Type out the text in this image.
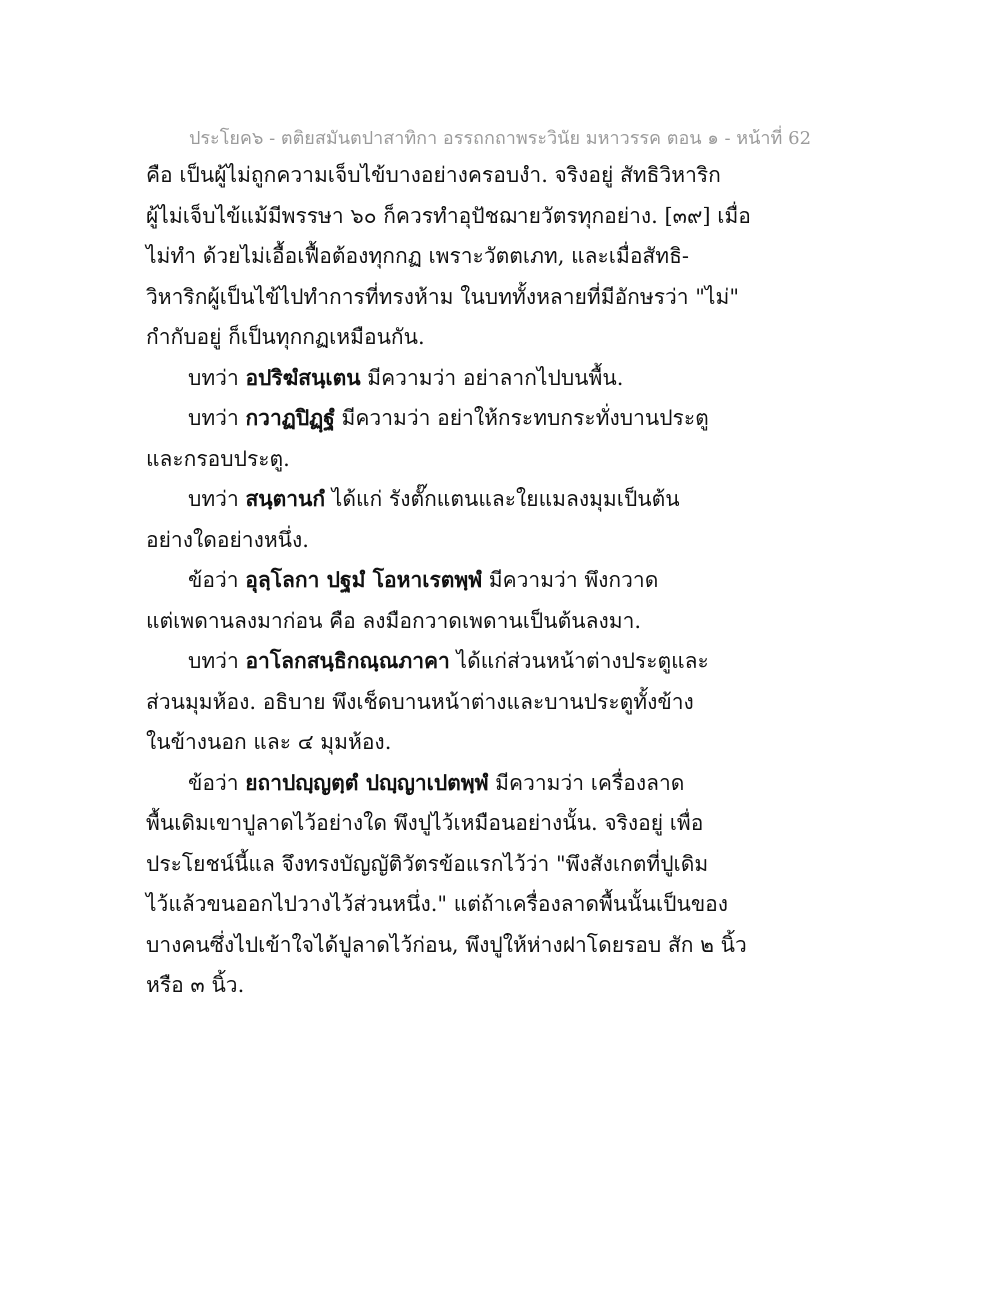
ประโยค๖ - ตติยสมันตปาสาทิกา อรรถกถาพระวินัย มหาวรรค ตอน ๑ - หน้าที่ 62
คือ เป็นผู้ไม่ถูกความเจ็บไข้บางอย่างครอบงำ. จริงอยู่ สัทธิวิหาริก
ผู้ไม่เจ็บไข้แม้มีพรรษา ๖๐ ก็ควรทำอุปัชฌายวัตรทุกอย่าง. [๓๙] เมื่อ
ไม่ทำ ด้วยไม่เอื้อเฟื้อต้องทุกกฏ เพราะวัตตเภท, และเมื่อสัทธิ-
วิหาริกผู้เป็นไข้ไปทำการที่ทรงห้าม ในบททั้งหลายที่มีอักษรว่า "ไม่"
กำกับอยู่ ก็เป็นทุกกฏเหมือนกัน.
บทว่า อปริฆํสนฺเตน มีความว่า อย่าลากไปบนพื้น.
บทว่า กวาฏปิฏฺฐํ มีความว่า อย่าให้กระทบกระทั่งบานประตู
และกรอบประตู.
บทว่า สนฺตานกํ ได้แก่ รังตั๊กแตนและใยแมลงมุมเป็นต้น
อย่างใดอย่างหนึ่ง.
ข้อว่า อุลฺโลกา ปฐมํ โอหาเรตพฺพํ มีความว่า พึงกวาด
แต่เพดานลงมาก่อน คือ ลงมือกวาดเพดานเป็นต้นลงมา.
บทว่า อาโลกสนฺธิกณฺณภาคา ได้แก่ส่วนหน้าต่างประตูและ
ส่วนมุมห้อง. อธิบาย พึงเช็ดบานหน้าต่างและบานประตูทั้งข้าง
ในข้างนอก และ ๔ มุมห้อง.
ข้อว่า ยถาปญฺญตฺตํ ปญฺญาเปตพฺพํ มีความว่า เครื่องลาด
พื้นเดิมเขาปูลาดไว้อย่างใด พึงปูไว้เหมือนอย่างนั้น. จริงอยู่ เพื่อ
ประโยชน์นี้แล จึงทรงบัญญัติวัตรข้อแรกไว้ว่า "พึงสังเกตที่ปูเดิม
ไว้แล้วขนออกไปวางไว้ส่วนหนึ่ง." แต่ถ้าเครื่องลาดพื้นนั้นเป็นของ
บางคนซึ่งไปเข้าใจได้ปูลาดไว้ก่อน, พึงปูให้ห่างฝาโดยรอบ สัก ๒ นิ้ว
หรือ ๓ นิ้ว.
